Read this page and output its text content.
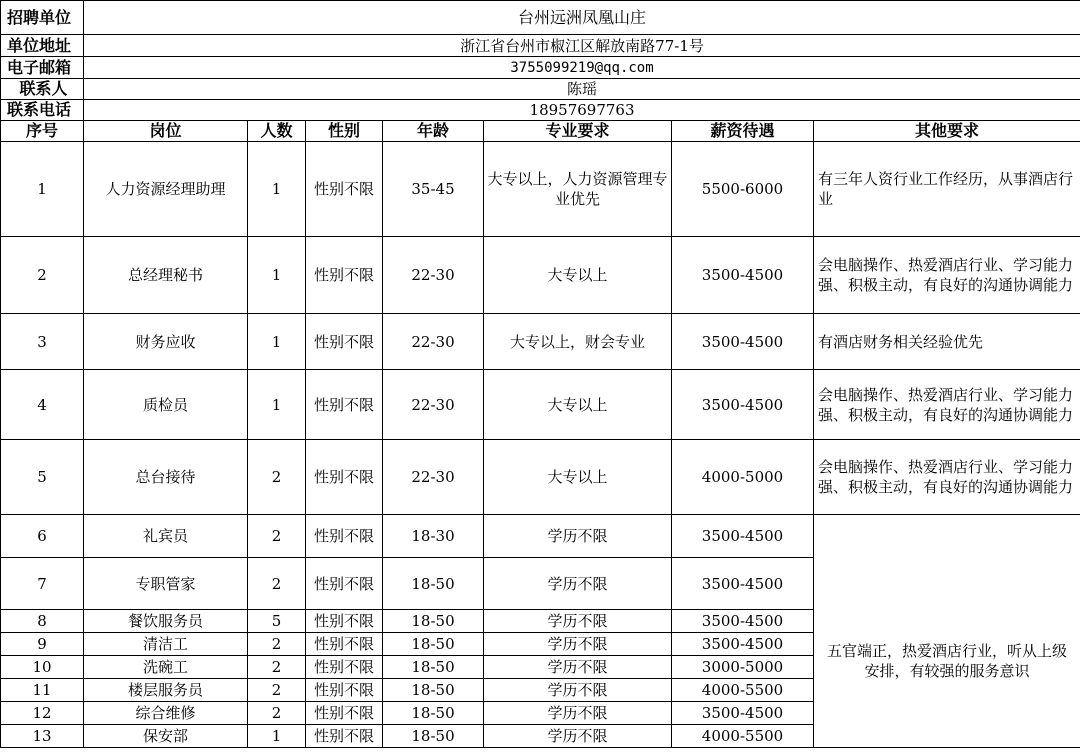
招聘单位	台州远洲凤凰山庄						
单位地址	浙江省台州市椒江区解放南路77-1号						
电子邮箱	3755099219@qq.com						
联系人	陈瑶						
联系电话	18957697763						
序号	岗位	人数	性别	年龄	专业要求	薪资待遇	其他要求
1	人力资源经理助理	1	性别不限	35-45	大专以上，人力资源管理专业优先	5500-6000	有三年人资行业工作经历，从事酒店行业
2	总经理秘书	1	性别不限	22-30	大专以上	3500-4500	会电脑操作、热爱酒店行业、学习能力强、积极主动，有良好的沟通协调能力
3	财务应收	1	性别不限	22-30	大专以上，财会专业	3500-4500	有酒店财务相关经验优先
4	质检员	1	性别不限	22-30	大专以上	3500-4500	会电脑操作、热爱酒店行业、学习能力强、积极主动，有良好的沟通协调能力
5	总台接待	2	性别不限	22-30	大专以上	4000-5000	会电脑操作、热爱酒店行业、学习能力强、积极主动，有良好的沟通协调能力
6	礼宾员	2	性别不限	18-30	学历不限	3500-4500	五官端正，热爱酒店行业，听从上级安排，有较强的服务意识
7	专职管家	2	性别不限	18-50	学历不限	3500-4500	
8	餐饮服务员	5	性别不限	18-50	学历不限	3500-4500	
9	清洁工	2	性别不限	18-50	学历不限	3500-4500	
10	洗碗工	2	性别不限	18-50	学历不限	3000-5000	
11	楼层服务员	2	性别不限	18-50	学历不限	4000-5500	
12	综合维修	2	性别不限	18-50	学历不限	3500-4500	
13	保安部	1	性别不限	18-50	学历不限	4000-5500	
